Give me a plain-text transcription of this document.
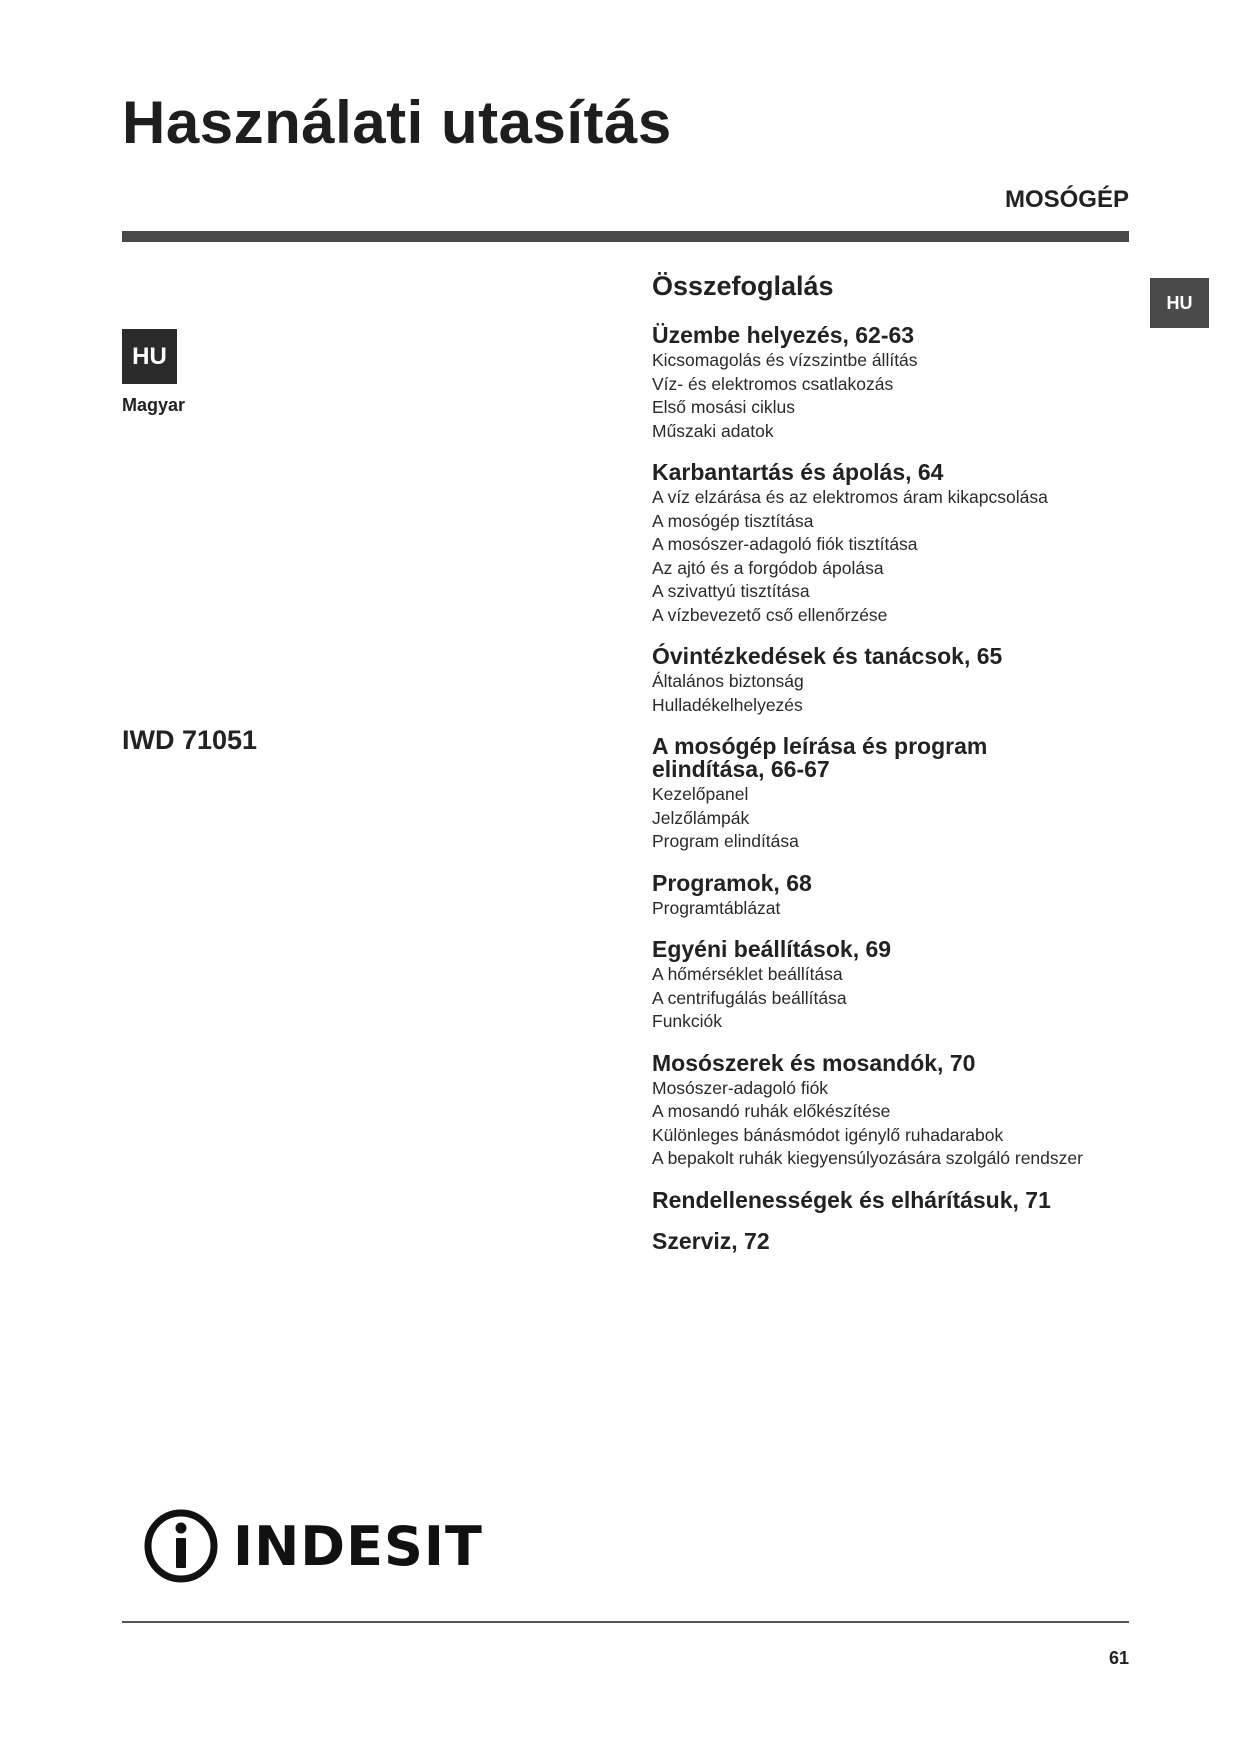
Használati utasítás
MOSÓGÉP
HU
Magyar
HU
IWD 71051
Összefoglalás
Üzembe helyezés, 62-63
Kicsomagolás és vízszintbe állítás
Víz- és elektromos csatlakozás
Első mosási ciklus
Műszaki adatok
Karbantartás és ápolás, 64
A víz elzárása és az elektromos áram kikapcsolása
A mosógép tisztítása
A mosószer-adagoló fiók tisztítása
Az ajtó és a forgódob ápolása
A szivattyú tisztítása
A vízbevezető cső ellenőrzése
Óvintézkedések és tanácsok, 65
Általános biztonság
Hulladékelhelyezés
A mosógép leírása és program
elindítása, 66-67
Kezelőpanel
Jelzőlámpák
Program elindítása
Programok, 68
Programtáblázat
Egyéni beállítások, 69
A hőmérséklet beállítása
A centrifugálás beállítása
Funkciók
Mosószerek és mosandók, 70
Mosószer-adagoló fiók
A mosandó ruhák előkészítése
Különleges bánásmódot igénylő ruhadarabok
A bepakolt ruhák kiegyensúlyozására szolgáló rendszer
Rendellenességek és elhárításuk, 71
Szerviz, 72
INDESIT
61
